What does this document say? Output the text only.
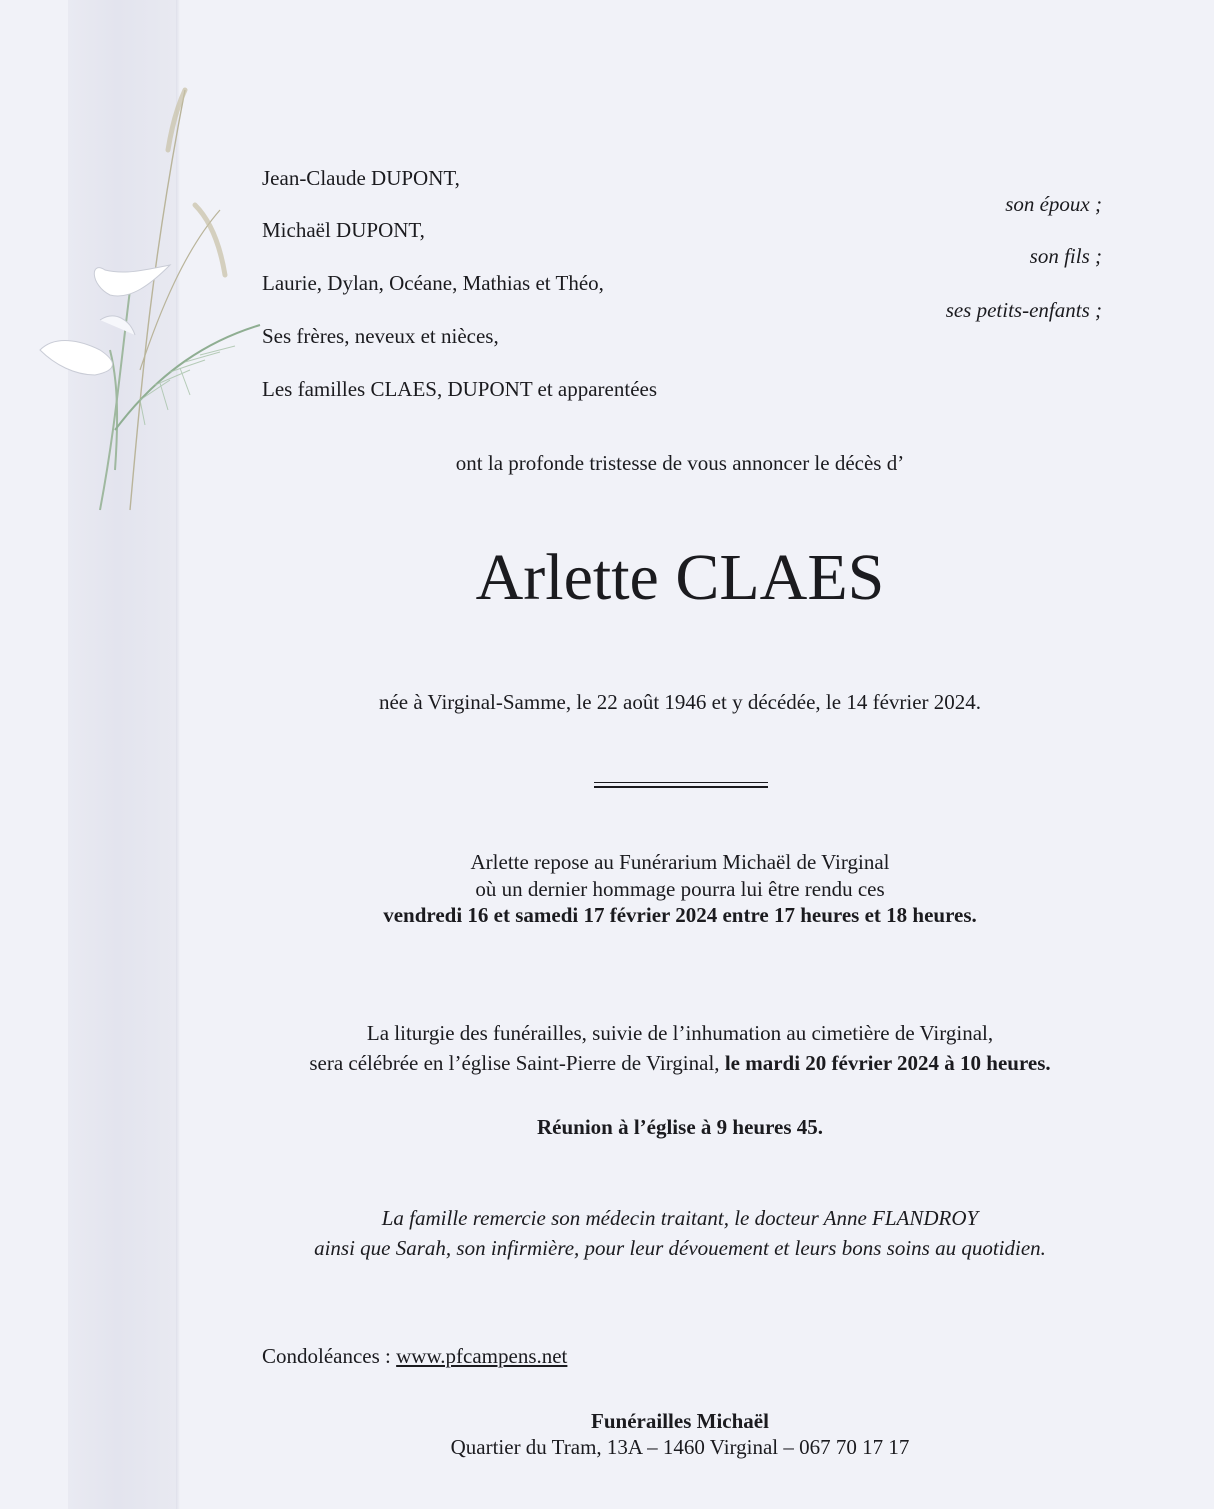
Jean-Claude DUPONT,
son époux ;
Michaël DUPONT,
son fils ;
Laurie, Dylan, Océane, Mathias et Théo,
ses petits-enfants ;
Ses frères, neveux et nièces,
Les familles CLAES, DUPONT et apparentées
ont la profonde tristesse de vous annoncer le décès d’
Arlette CLAES
née à Virginal-Samme, le 22 août 1946 et y décédée, le 14 février 2024.
Arlette repose au Funérarium Michaël de Virginal
où un dernier hommage pourra lui être rendu ces
vendredi 16 et samedi 17 février 2024 entre 17 heures et 18 heures.
La liturgie des funérailles, suivie de l’inhumation au cimetière de Virginal,
sera célébrée en l’église Saint-Pierre de Virginal, le mardi 20 février 2024 à 10 heures.
Réunion à l’église à 9 heures 45.
La famille remercie son médecin traitant, le docteur Anne FLANDROY
ainsi que Sarah, son infirmière, pour leur dévouement et leurs bons soins au quotidien.
Condoléances : www.pfcampens.net
Funérailles Michaël
Quartier du Tram, 13A – 1460 Virginal – 067 70 17 17
